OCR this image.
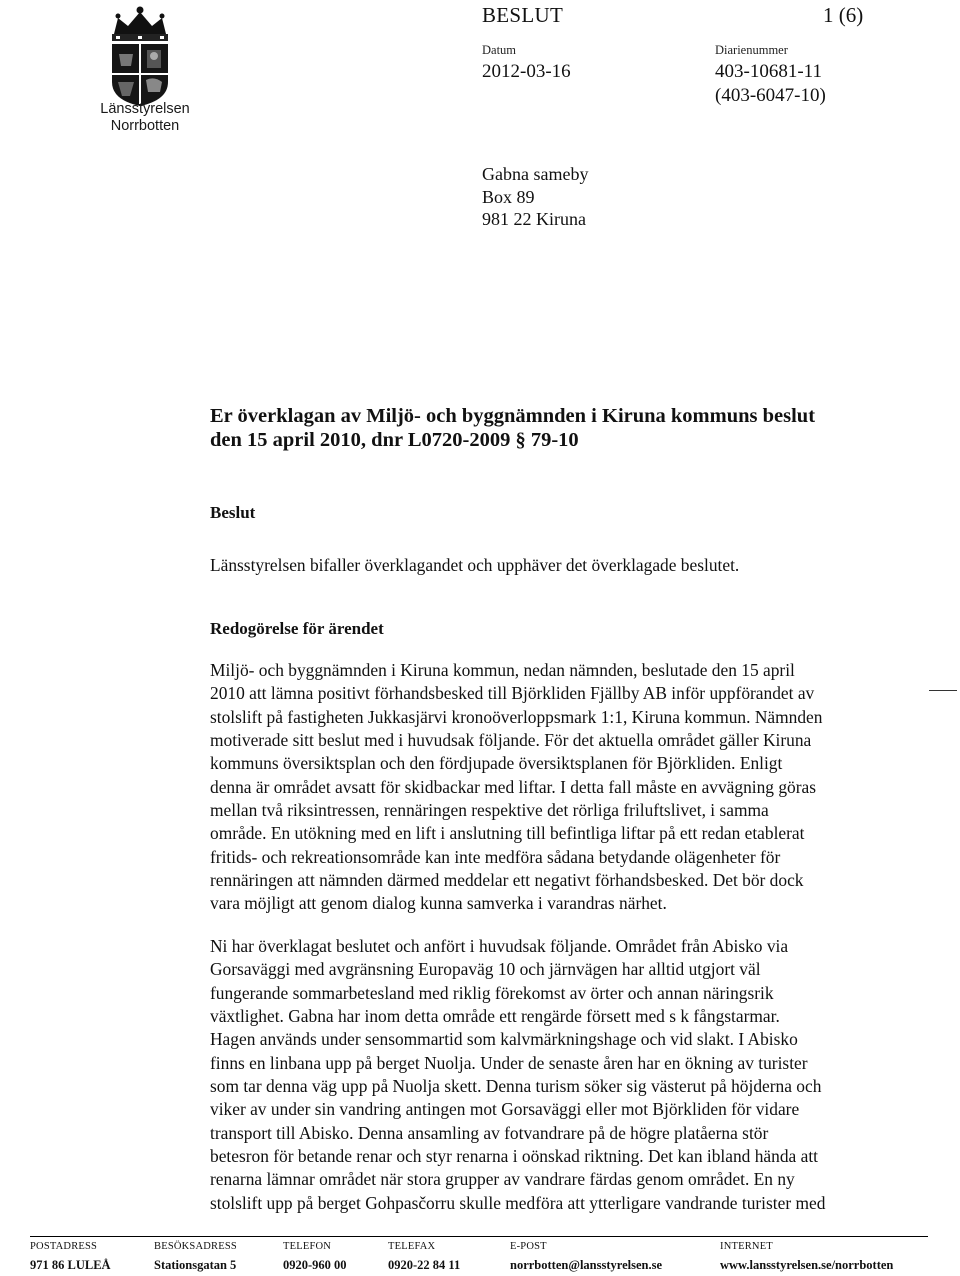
Länsstyrelsen
Norrbotten
BESLUT	1 (6)
Datum
2012-03-16
Diarienummer
403-10681-11
(403-6047-10)
Gabna sameby
Box 89
981 22 Kiruna
Er överklagan av Miljö- och byggnämnden i Kiruna kommuns beslut
den 15 april 2010, dnr L0720-2009 § 79-10
Beslut
Länsstyrelsen bifaller överklagandet och upphäver det överklagade beslutet.
Redogörelse för ärendet

Miljö- och byggnämnden i Kiruna kommun, nedan nämnden, beslutade den 15 april

2010 att lämna positivt förhandsbesked till Björkliden Fjällby AB inför uppförandet av

stolslift på fastigheten Jukkasjärvi kronoöverloppsmark 1:1, Kiruna kommun. Nämnden

motiverade sitt beslut med i huvudsak följande. För det aktuella området gäller Kiruna

kommuns översiktsplan och den fördjupade översiktsplanen för Björkliden. Enligt

denna är området avsatt för skidbackar med liftar. I detta fall måste en avvägning göras

mellan två riksintressen, rennäringen respektive det rörliga friluftslivet, i samma

område. En utökning med en lift i anslutning till befintliga liftar på ett redan etablerat

fritids- och rekreationsområde kan inte medföra sådana betydande olägenheter för

rennäringen att nämnden därmed meddelar ett negativt förhandsbesked. Det bör dock

vara möjligt att genom dialog kunna samverka i varandras närhet.

Ni har överklagat beslutet och anfört i huvudsak följande. Området från Abisko via

Gorsaväggi med avgränsning Europaväg 10 och järnvägen har alltid utgjort väl

fungerande sommarbetesland med riklig förekomst av örter och annan näringsrik

växtlighet. Gabna har inom detta område ett rengärde försett med s k fångstarmar.

Hagen används under sensommartid som kalvmärkningshage och vid slakt. I Abisko

finns en linbana upp på berget Nuolja. Under de senaste åren har en ökning av turister

som tar denna väg upp på Nuolja skett. Denna turism söker sig västerut på höjderna och

viker av under sin vandring antingen mot Gorsaväggi eller mot Björkliden för vidare

transport till Abisko. Denna ansamling av fotvandrare på de högre platåerna stör

betesron för betande renar och styr renarna i oönskad riktning. Det kan ibland hända att

renarna lämnar området när stora grupper av vandrare färdas genom området. En ny

stolslift upp på berget Gohpasčorru skulle medföra att ytterligare vandrande turister med

POSTADRESS
971 86 LULEÅ
BESÖKSADRESS
Stationsgatan 5
TELEFON
0920-960 00
TELEFAX
0920-22 84 11
E-POST
norrbotten@lansstyrelsen.se
INTERNET
www.lansstyrelsen.se/norrbotten
